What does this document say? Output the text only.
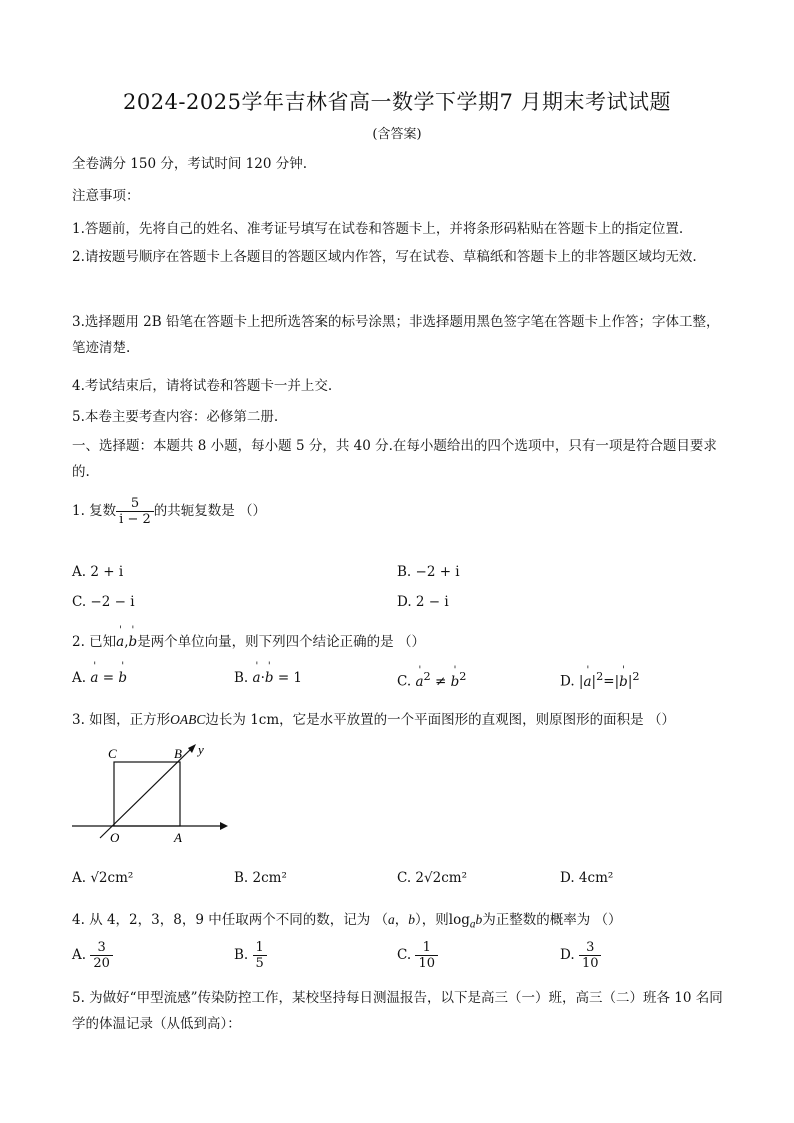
2024-2025学年吉林省高一数学下学期7 月期末考试试题
(含答案)
全卷满分 150 分，考试时间 120 分钟.
注意事项：
1.答题前，先将自己的姓名、准考证号填写在试卷和答题卡上，并将条形码粘贴在答题卡上的指定位置.
2.请按题号顺序在答题卡上各题目的答题区域内作答，写在试卷、草稿纸和答题卡上的非答题区域均无效.
3.选择题用 2B 铅笔在答题卡上把所选答案的标号涂黑；非选择题用黑色签字笔在答题卡上作答；字体工整，笔迹清楚.
4.考试结束后，请将试卷和答题卡一并上交.
5.本卷主要考查内容：必修第二册.
一、选择题：本题共 8 小题，每小题 5 分，共 40 分.在每小题给出的四个选项中，只有一项是符合题目要求的.
1. 复数 $\frac{5}{i - 2}$ 的共轭复数是 （）
A. 2 + i	B. −2 + i
C. −2 − i	D. 2 − i
2. 已知' a,' b是两个单位向量，则下列四个结论正确的是 （）
A. ' a = ' b	B. ' a·' b = 1	C. ' $a^2$ ≠ ' $b^2$	D. |' $a|^2=|'$ $b|^2$
3. 如图，正方形OABC边长为 1cm，它是水平放置的一个平面图形的直观图，则原图形的面积是 （）
C	B y
O	A
A. √2cm²	B. 2cm²	C. 2√2cm²	D. 4cm²
4. 从 4，2，3，8，9 中任取两个不同的数，记为 （a，b），则$\log_ab$为正整数的概率为 （）
A. $\frac{3}{20}$	B. $\frac{1}{5}$	C. $\frac{1}{10}$	D. $\frac{3}{10}$
5. 为做好“甲型流感”传染防控工作，某校坚持每日测温报告，以下是高三（一）班，高三（二）班各 10 名同学的体温记录（从低到高）：
